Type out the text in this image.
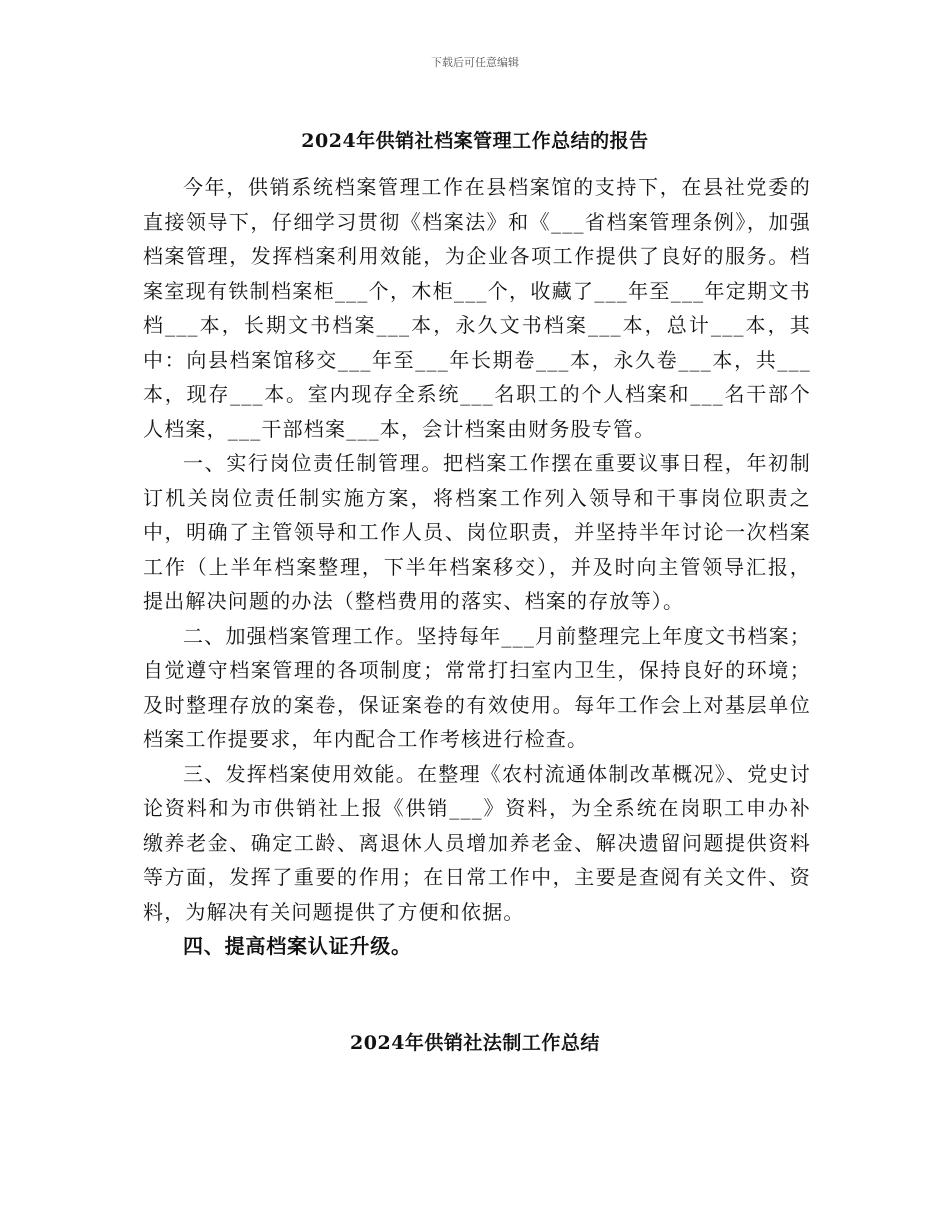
下载后可任意编辑
2024年供销社档案管理工作总结的报告

今年，供销系统档案管理工作在县档案馆的支持下，在县社党委的直接领导下，仔细学习贯彻《档案法》和《___省档案管理条例》，加强档案管理，发挥档案利用效能，为企业各项工作提供了良好的服务。档案室现有铁制档案柜___个，木柜___个，收藏了___年至___年定期文书档___本，长期文书档案___本，永久文书档案___本，总计___本，其中：向县档案馆移交___年至___年长期卷___本，永久卷___本，共___本，现存___本。室内现存全系统___名职工的个人档案和___名干部个人档案，___干部档案___本，会计档案由财务股专管。

一、实行岗位责任制管理。把档案工作摆在重要议事日程，年初制订机关岗位责任制实施方案，将档案工作列入领导和干事岗位职责之中，明确了主管领导和工作人员、岗位职责，并坚持半年讨论一次档案工作（上半年档案整理，下半年档案移交），并及时向主管领导汇报，提出解决问题的办法（整档费用的落实、档案的存放等）。

二、加强档案管理工作。坚持每年___月前整理完上年度文书档案；自觉遵守档案管理的各项制度；常常打扫室内卫生，保持良好的环境；及时整理存放的案卷，保证案卷的有效使用。每年工作会上对基层单位档案工作提要求，年内配合工作考核进行检查。

三、发挥档案使用效能。在整理《农村流通体制改革概况》、党史讨论资料和为市供销社上报《供销___》资料，为全系统在岗职工申办补缴养老金、确定工龄、离退休人员增加养老金、解决遗留问题提供资料等方面，发挥了重要的作用；在日常工作中，主要是查阅有关文件、资料，为解决有关问题提供了方便和依据。

四、提高档案认证升级。

2024年供销社法制工作总结
